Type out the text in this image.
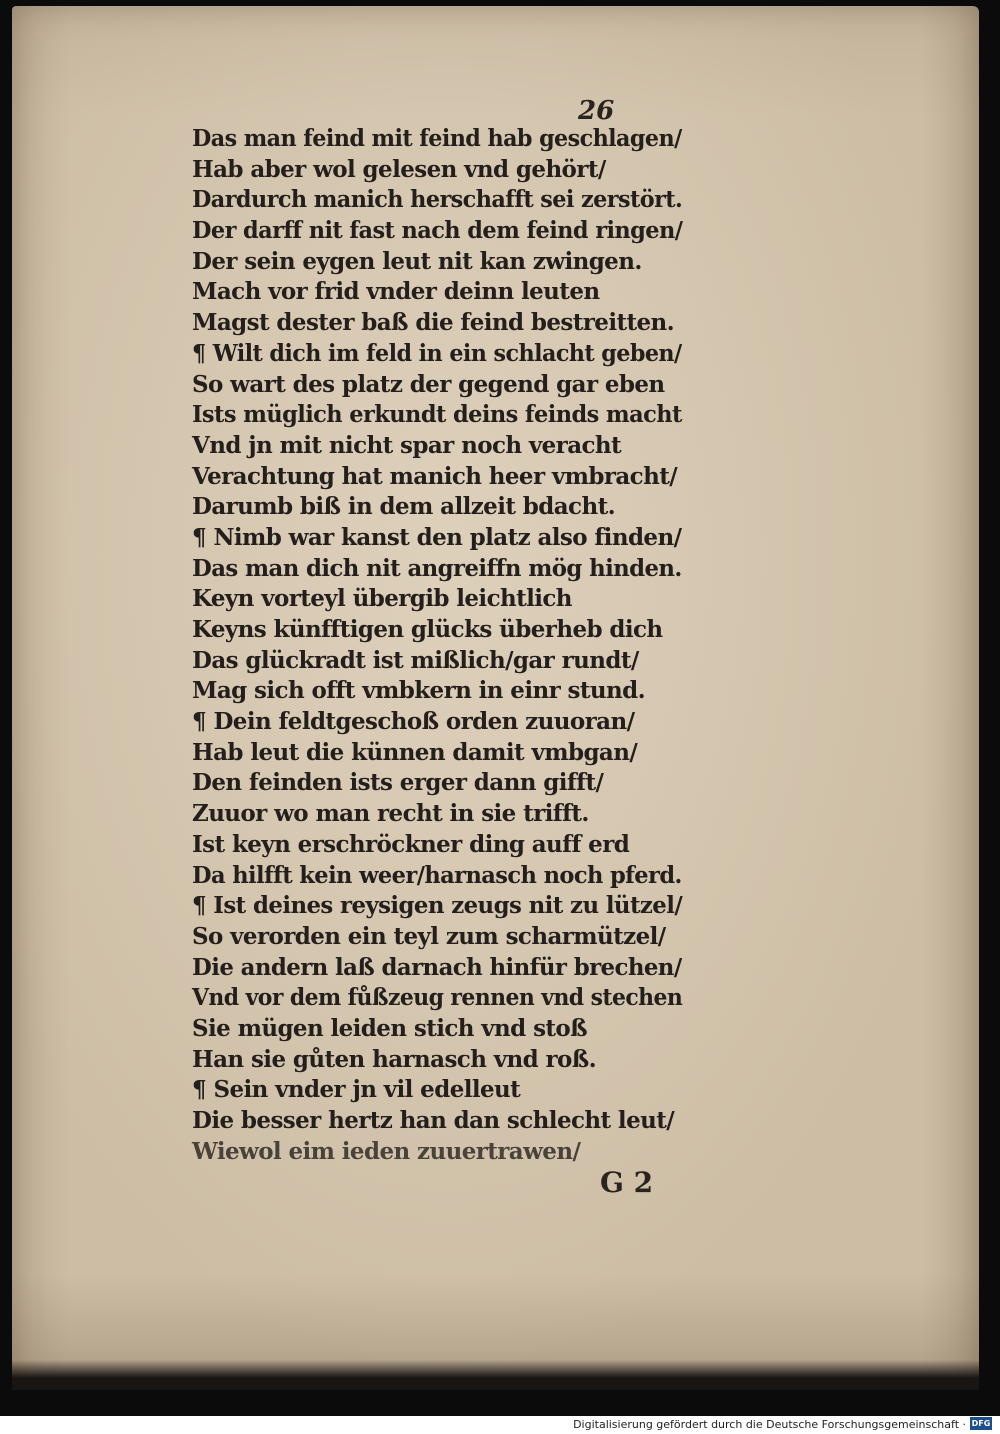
26
Das man feind mit feind hab geschlagen/
Hab aber wol gelesen vnd gehört/
Dardurch manich herschafft sei zerstört.
Der darff nit fast nach dem feind ringen/
Der sein eygen leut nit kan zwingen.
Mach vor frid vnder deinn leuten
Magst dester baß die feind bestreitten.
¶ Wilt dich im feld in ein schlacht geben/
So wart des platz der gegend gar eben
Ists müglich erkundt deins feinds macht
Vnd jn mit nicht spar noch veracht
Verachtung hat manich heer vmbracht/
Darumb biß in dem allzeit bdacht.
¶ Nimb war kanst den platz also finden/
Das man dich nit angreiffn mög hinden.
Keyn vorteyl übergib leichtlich
Keyns künfftigen glücks überheb dich
Das glückradt ist mißlich/gar rundt/
Mag sich offt vmbkern in einr stund.
¶ Dein feldtgeschoß orden zuuoran/
Hab leut die künnen damit vmbgan/
Den feinden ists erger dann gifft/
Zuuor wo man recht in sie trifft.
Ist keyn erschröckner ding auff erd
Da hilfft kein weer/harnasch noch pferd.
¶ Ist deines reysigen zeugs nit zu lützel/
So verorden ein teyl zum scharmützel/
Die andern laß darnach hinfür brechen/
Vnd vor dem fůßzeug rennen vnd stechen
Sie mügen leiden stich vnd stoß
Han sie gůten harnasch vnd roß.
¶ Sein vnder jn vil edelleut
Die besser hertz han dan schlecht leut/
Wiewol eim ieden zuuertrawen/
G 2
Digitalisierung gefördert durch die Deutsche Forschungsgemeinschaft · DFG
